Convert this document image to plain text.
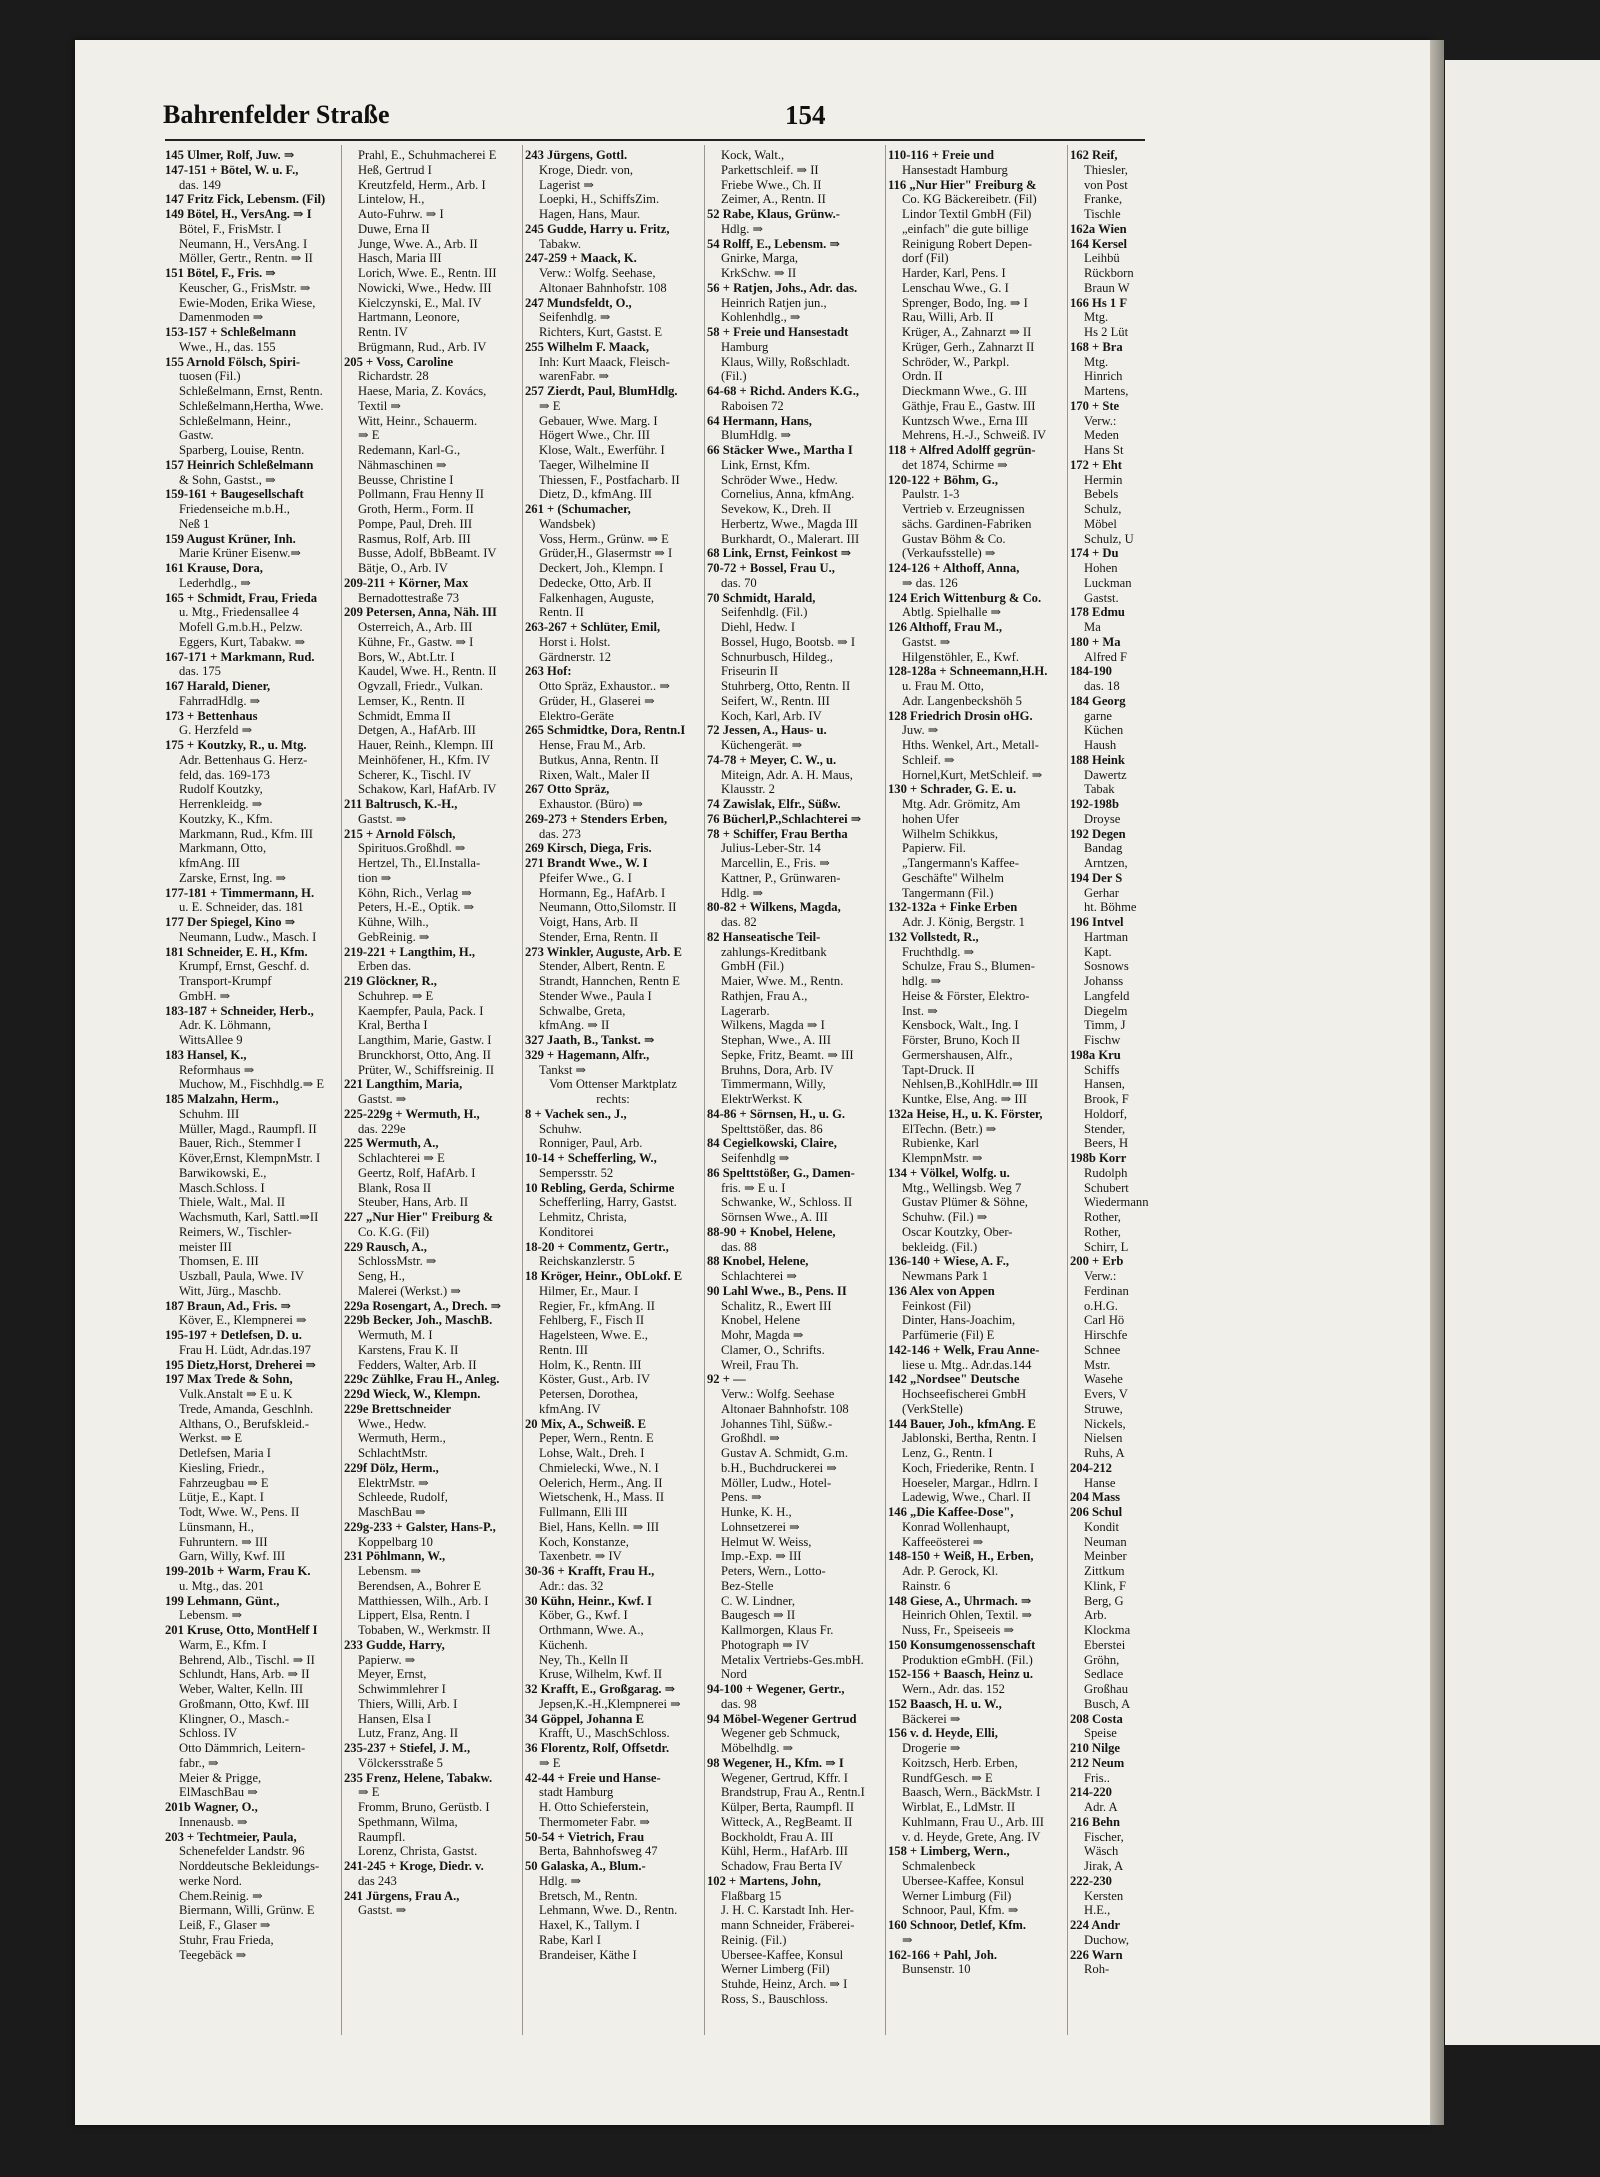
Bahrenfelder Straße	154
145 Ulmer, Rolf, Juw. ⇒
147-151 + Bötel, W. u. F.,
das. 149
147 Fritz Fick, Lebensm. (Fil)
149 Bötel, H., VersAng. ⇒ I
Bötel, F., FrisMstr. I
Neumann, H., VersAng. I
Möller, Gertr., Rentn. ⇒ II
151 Bötel, F., Fris. ⇒
Keuscher, G., FrisMstr. ⇒
Ewie-Moden, Erika Wiese,
Damenmoden ⇒
153-157 + Schleßelmann
Wwe., H., das. 155
155 Arnold Fölsch, Spiri-
tuosen (Fil.)
Schleßelmann, Ernst, Rentn.
Schleßelmann,Hertha, Wwe.
Schleßelmann, Heinr.,
Gastw.
Sparberg, Louise, Rentn.
157 Heinrich Schleßelmann
& Sohn, Gastst., ⇒
159-161 + Baugesellschaft
Friedenseiche m.b.H.,
Neß 1
159 August Krüner, Inh.
Marie Krüner Eisenw.⇒
161 Krause, Dora,
Lederhdlg., ⇒
165 + Schmidt, Frau, Frieda
u. Mtg., Friedensallee 4
Mofell G.m.b.H., Pelzw.
Eggers, Kurt, Tabakw. ⇒
167-171 + Markmann, Rud.
das. 175
167 Harald, Diener,
FahrradHdlg. ⇒
173 + Bettenhaus
G. Herzfeld ⇒
175 + Koutzky, R., u. Mtg.
Adr. Bettenhaus G. Herz-
feld, das. 169-173
Rudolf Koutzky,
Herrenkleidg. ⇒
Koutzky, K., Kfm.
Markmann, Rud., Kfm. III
Markmann, Otto,
kfmAng. III
Zarske, Ernst, Ing. ⇒
177-181 + Timmermann, H.
u. E. Schneider, das. 181
177 Der Spiegel, Kino ⇒
Neumann, Ludw., Masch. I
181 Schneider, E. H., Kfm.
Krumpf, Ernst, Geschf. d.
Transport-Krumpf
GmbH. ⇒
183-187 + Schneider, Herb.,
Adr. K. Löhmann,
WittsAllee 9
183 Hansel, K.,
Reformhaus ⇒
Muchow, M., Fischhdlg.⇒ E
185 Malzahn, Herm.,
Schuhm. III
Müller, Magd., Raumpfl. II
Bauer, Rich., Stemmer I
Köver,Ernst, KlempnMstr. I
Barwikowski, E.,
Masch.Schloss. I
Thiele, Walt., Mal. II
Wachsmuth, Karl, Sattl.⇒II
Reimers, W., Tischler-
meister III
Thomsen, E. III
Uszball, Paula, Wwe. IV
Witt, Jürg., Maschb.
187 Braun, Ad., Fris. ⇒
Köver, E., Klempnerei ⇒
195-197 + Detlefsen, D. u.
Frau H. Lüdt, Adr.das.197
195 Dietz,Horst, Dreherei ⇒
197 Max Trede & Sohn,
Vulk.Anstalt ⇒ E u. K
Trede, Amanda, Geschlnh.
Althans, O., Berufskleid.-
Werkst. ⇒ E
Detlefsen, Maria I
Kiesling, Friedr.,
Fahrzeugbau ⇒ E
Lütje, E., Kapt. I
Todt, Wwe. W., Pens. II
Lünsmann, H.,
Fuhruntern. ⇒ III
Garn, Willy, Kwf. III
199-201b + Warm, Frau K.
u. Mtg., das. 201
199 Lehmann, Günt.,
Lebensm. ⇒
201 Kruse, Otto, MontHelf I
Warm, E., Kfm. I
Behrend, Alb., Tischl. ⇒ II
Schlundt, Hans, Arb. ⇒ II
Weber, Walter, Kelln. III
Großmann, Otto, Kwf. III
Klingner, O., Masch.-
Schloss. IV
Otto Dämmrich, Leitern-
fabr., ⇒
Meier & Prigge,
ElMaschBau ⇒
201b Wagner, O.,
Innenausb. ⇒
203 + Techtmeier, Paula,
Schenefelder Landstr. 96
Norddeutsche Bekleidungs-
werke Nord.
Chem.Reinig. ⇒
Biermann, Willi, Grünw. E
Leiß, F., Glaser ⇒
Stuhr, Frau Frieda,
Teegebäck ⇒
Prahl, E., Schuhmacherei E
Heß, Gertrud I
Kreutzfeld, Herm., Arb. I
Lintelow, H.,
Auto-Fuhrw. ⇒ I
Duwe, Erna II
Junge, Wwe. A., Arb. II
Hasch, Maria III
Lorich, Wwe. E., Rentn. III
Nowicki, Wwe., Hedw. III
Kielczynski, E., Mal. IV
Hartmann, Leonore,
Rentn. IV
Brügmann, Rud., Arb. IV
205 + Voss, Caroline
Richardstr. 28
Haese, Maria, Z. Kovács,
Textil ⇒
Witt, Heinr., Schauerm.
⇒ E
Redemann, Karl-G.,
Nähmaschinen ⇒
Beusse, Christine I
Pollmann, Frau Henny II
Groth, Herm., Form. II
Pompe, Paul, Dreh. III
Rasmus, Rolf, Arb. III
Busse, Adolf, BbBeamt. IV
Bätje, O., Arb. IV
209-211 + Körner, Max
Bernadottestraße 73
209 Petersen, Anna, Näh. III
Osterreich, A., Arb. III
Kühne, Fr., Gastw. ⇒ I
Bors, W., Abt.Ltr. I
Kaudel, Wwe. H., Rentn. II
Ogvzall, Friedr., Vulkan.
Lemser, K., Rentn. II
Schmidt, Emma II
Detgen, A., HafArb. III
Hauer, Reinh., Klempn. III
Meinhöfener, H., Kfm. IV
Scherer, K., Tischl. IV
Schakow, Karl, HafArb. IV
211 Baltrusch, K.-H.,
Gastst. ⇒
215 + Arnold Fölsch,
Spirituos.Großhdl. ⇒
Hertzel, Th., El.Installa-
tion ⇒
Köhn, Rich., Verlag ⇒
Peters, H.-E., Optik. ⇒
Kühne, Wilh.,
GebReinig. ⇒
219-221 + Langthim, H.,
Erben das.
219 Glöckner, R.,
Schuhrep. ⇒ E
Kaempfer, Paula, Pack. I
Kral, Bertha I
Langthim, Marie, Gastw. I
Brunckhorst, Otto, Ang. II
Prüter, W., Schiffsreinig. II
221 Langthim, Maria,
Gastst. ⇒
225-229g + Wermuth, H.,
das. 229e
225 Wermuth, A.,
Schlachterei ⇒ E
Geertz, Rolf, HafArb. I
Blank, Rosa II
Steuber, Hans, Arb. II
227 „Nur Hier" Freiburg &
Co. K.G. (Fil)
229 Rausch, A.,
SchlossMstr. ⇒
Seng, H.,
Malerei (Werkst.) ⇒
229a Rosengart, A., Drech. ⇒
229b Becker, Joh., MaschB.
Wermuth, M. I
Karstens, Frau K. II
Fedders, Walter, Arb. II
229c Zühlke, Frau H., Anleg.
229d Wieck, W., Klempn.
229e Brettschneider
Wwe., Hedw.
Wermuth, Herm.,
SchlachtMstr.
229f Dölz, Herm.,
ElektrMstr. ⇒
Schleede, Rudolf,
MaschBau ⇒
229g-233 + Galster, Hans-P.,
Koppelbarg 10
231 Pöhlmann, W.,
Lebensm. ⇒
Berendsen, A., Bohrer E
Matthiessen, Wilh., Arb. I
Lippert, Elsa, Rentn. I
Tobaben, W., Werkmstr. II
233 Gudde, Harry,
Papierw. ⇒
Meyer, Ernst,
Schwimmlehrer I
Thiers, Willi, Arb. I
Hansen, Elsa I
Lutz, Franz, Ang. II
235-237 + Stiefel, J. M.,
Völckersstraße 5
235 Frenz, Helene, Tabakw.
⇒ E
Fromm, Bruno, Gerüstb. I
Spethmann, Wilma,
Raumpfl.
Lorenz, Christa, Gastst.
241-245 + Kroge, Diedr. v.
das 243
241 Jürgens, Frau A.,
Gastst. ⇒
243 Jürgens, Gottl.
Kroge, Diedr. von,
Lagerist ⇒
Loepki, H., SchiffsZim.
Hagen, Hans, Maur.
245 Gudde, Harry u. Fritz,
Tabakw.
247-259 + Maack, K.
Verw.: Wolfg. Seehase,
Altonaer Bahnhofstr. 108
247 Mundsfeldt, O.,
Seifenhdlg. ⇒
Richters, Kurt, Gastst. E
255 Wilhelm F. Maack,
Inh: Kurt Maack, Fleisch-
warenFabr. ⇒
257 Zierdt, Paul, BlumHdlg.
⇒ E
Gebauer, Wwe. Marg. I
Högert Wwe., Chr. III
Klose, Walt., Ewerführ. I
Taeger, Wilhelmine II
Thiessen, F., Postfacharb. II
Dietz, D., kfmAng. III
261 + (Schumacher,
Wandsbek)
Voss, Herm., Grünw. ⇒ E
Grüder,H., Glasermstr ⇒ I
Deckert, Joh., Klempn. I
Dedecke, Otto, Arb. II
Falkenhagen, Auguste,
Rentn. II
263-267 + Schlüter, Emil,
Horst i. Holst.
Gärdnerstr. 12
263 Hof:
Otto Spräz, Exhaustor.. ⇒
Grüder, H., Glaserei ⇒
Elektro-Geräte
265 Schmidtke, Dora, Rentn.I
Hense, Frau M., Arb.
Butkus, Anna, Rentn. II
Rixen, Walt., Maler II
267 Otto Spräz,
Exhaustor. (Büro) ⇒
269-273 + Stenders Erben,
das. 273
269 Kirsch, Diega, Fris.
271 Brandt Wwe., W. I
Pfeifer Wwe., G. I
Hormann, Eg., HafArb. I
Neumann, Otto,Silomstr. II
Voigt, Hans, Arb. II
Stender, Erna, Rentn. II
273 Winkler, Auguste, Arb. E
Stender, Albert, Rentn. E
Strandt, Hannchen, Rentn E
Stender Wwe., Paula I
Schwalbe, Greta,
kfmAng. ⇒ II
327 Jaath, B., Tankst. ⇒
329 + Hagemann, Alfr.,
Tankst ⇒
Vom Ottenser Marktplatz
rechts:
8 + Vachek sen., J.,
Schuhw.
Ronniger, Paul, Arb.
10-14 + Schefferling, W.,
Sempersstr. 52
10 Rebling, Gerda, Schirme
Schefferling, Harry, Gastst.
Lehmitz, Christa,
Konditorei
18-20 + Commentz, Gertr.,
Reichskanzlerstr. 5
18 Kröger, Heinr., ObLokf. E
Hilmer, Er., Maur. I
Regier, Fr., kfmAng. II
Fehlberg, F., Fisch II
Hagelsteen, Wwe. E.,
Rentn. III
Holm, K., Rentn. III
Köster, Gust., Arb. IV
Petersen, Dorothea,
kfmAng. IV
20 Mix, A., Schweiß. E
Peper, Wern., Rentn. E
Lohse, Walt., Dreh. I
Chmielecki, Wwe., N. I
Oelerich, Herm., Ang. II
Wietschenk, H., Mass. II
Fullmann, Elli III
Biel, Hans, Kelln. ⇒ III
Koch, Konstanze,
Taxenbetr. ⇒ IV
30-36 + Krafft, Frau H.,
Adr.: das. 32
30 Kühn, Heinr., Kwf. I
Köber, G., Kwf. I
Orthmann, Wwe. A.,
Küchenh.
Ney, Th., Kelln II
Kruse, Wilhelm, Kwf. II
32 Krafft, E., Großgarag. ⇒
Jepsen,K.-H.,Klempnerei ⇒
34 Göppel, Johanna E
Krafft, U., MaschSchloss.
36 Florentz, Rolf, Offsetdr.
⇒ E
42-44 + Freie und Hanse-
stadt Hamburg
H. Otto Schieferstein,
Thermometer Fabr. ⇒
50-54 + Vietrich, Frau
Berta, Bahnhofsweg 47
50 Galaska, A., Blum.-
Hdlg. ⇒
Bretsch, M., Rentn.
Lehmann, Wwe. D., Rentn.
Haxel, K., Tallym. I
Rabe, Karl I
Brandeiser, Käthe I
Kock, Walt.,
Parkettschleif. ⇒ II
Friebe Wwe., Ch. II
Zeimer, A., Rentn. II
52 Rabe, Klaus, Grünw.-
Hdlg. ⇒
54 Rolff, E., Lebensm. ⇒
Gnirke, Marga,
KrkSchw. ⇒ II
56 + Ratjen, Johs., Adr. das.
Heinrich Ratjen jun.,
Kohlenhdlg., ⇒
58 + Freie und Hansestadt
Hamburg
Klaus, Willy, Roßschladt.
(Fil.)
64-68 + Richd. Anders K.G.,
Raboisen 72
64 Hermann, Hans,
BlumHdlg. ⇒
66 Stäcker Wwe., Martha I
Link, Ernst, Kfm.
Schröder Wwe., Hedw.
Cornelius, Anna, kfmAng.
Sevekow, K., Dreh. II
Herbertz, Wwe., Magda III
Burkhardt, O., Malerart. III
68 Link, Ernst, Feinkost ⇒
70-72 + Bossel, Frau U.,
das. 70
70 Schmidt, Harald,
Seifenhdlg. (Fil.)
Diehl, Hedw. I
Bossel, Hugo, Bootsb. ⇒ I
Schnurbusch, Hildeg.,
Friseurin II
Stuhrberg, Otto, Rentn. II
Seifert, W., Rentn. III
Koch, Karl, Arb. IV
72 Jessen, A., Haus- u.
Küchengerät. ⇒
74-78 + Meyer, C. W., u.
Miteign, Adr. A. H. Maus,
Klausstr. 2
74 Zawislak, Elfr., Süßw.
76 Bücherl,P.,Schlachterei ⇒
78 + Schiffer, Frau Bertha
Julius-Leber-Str. 14
Marcellin, E., Fris. ⇒
Kattner, P., Grünwaren-
Hdlg. ⇒
80-82 + Wilkens, Magda,
das. 82
82 Hanseatische Teil-
zahlungs-Kreditbank
GmbH (Fil.)
Maier, Wwe. M., Rentn.
Rathjen, Frau A.,
Lagerarb.
Wilkens, Magda ⇒ I
Stephan, Wwe., A. III
Sepke, Fritz, Beamt. ⇒ III
Bruhns, Dora, Arb. IV
Timmermann, Willy,
ElektrWerkst. K
84-86 + Sörnsen, H., u. G.
Spelttstößer, das. 86
84 Cegielkowski, Claire,
Seifenhdlg ⇒
86 Spelttstößer, G., Damen-
fris. ⇒ E u. I
Schwanke, W., Schloss. II
Sörnsen Wwe., A. III
88-90 + Knobel, Helene,
das. 88
88 Knobel, Helene,
Schlachterei ⇒
90 Lahl Wwe., B., Pens. II
Schalitz, R., Ewert III
Knobel, Helene
Mohr, Magda ⇒
Clamer, O., Schrifts.
Wreil, Frau Th.
92 + —
Verw.: Wolfg. Seehase
Altonaer Bahnhofstr. 108
Johannes Tihl, Süßw.-
Großhdl. ⇒
Gustav A. Schmidt, G.m.
b.H., Buchdruckerei ⇒
Möller, Ludw., Hotel-
Pens. ⇒
Hunke, K. H.,
Lohnsetzerei ⇒
Helmut W. Weiss,
Imp.-Exp. ⇒ III
Peters, Wern., Lotto-
Bez-Stelle
C. W. Lindner,
Baugesch ⇒ II
Kallmorgen, Klaus Fr.
Photograph ⇒ IV
Metalix Vertriebs-Ges.mbH.
Nord
94-100 + Wegener, Gertr.,
das. 98
94 Möbel-Wegener Gertrud
Wegener geb Schmuck,
Möbelhdlg. ⇒
98 Wegener, H., Kfm. ⇒ I
Wegener, Gertrud, Kffr. I
Brandstrup, Frau A., Rentn.I
Külper, Berta, Raumpfl. II
Witteck, A., RegBeamt. II
Bockholdt, Frau A. III
Kühl, Herm., HafArb. III
Schadow, Frau Berta IV
102 + Martens, John,
Flaßbarg 15
J. H. C. Karstadt Inh. Her-
mann Schneider, Fräberei-
Reinig. (Fil.)
Ubersee-Kaffee, Konsul
Werner Limberg (Fil)
Stuhde, Heinz, Arch. ⇒ I
Ross, S., Bauschloss.
110-116 + Freie und
Hansestadt Hamburg
116 „Nur Hier" Freiburg &
Co. KG Bäckereibetr. (Fil)
Lindor Textil GmbH (Fil)
„einfach" die gute billige
Reinigung Robert Depen-
dorf (Fil)
Harder, Karl, Pens. I
Lenschau Wwe., G. I
Sprenger, Bodo, Ing. ⇒ I
Rau, Willi, Arb. II
Krüger, A., Zahnarzt ⇒ II
Krüger, Gerh., Zahnarzt II
Schröder, W., Parkpl.
Ordn. II
Dieckmann Wwe., G. III
Gäthje, Frau E., Gastw. III
Kuntzsch Wwe., Erna III
Mehrens, H.-J., Schweiß. IV
118 + Alfred Adolff gegrün-
det 1874, Schirme ⇒
120-122 + Böhm, G.,
Paulstr. 1-3
Vertrieb v. Erzeugnissen
sächs. Gardinen-Fabriken
Gustav Böhm & Co.
(Verkaufsstelle) ⇒
124-126 + Althoff, Anna,
⇒ das. 126
124 Erich Wittenburg & Co.
Abtlg. Spielhalle ⇒
126 Althoff, Frau M.,
Gastst. ⇒
Hilgenstöhler, E., Kwf.
128-128a + Schneemann,H.H.
u. Frau M. Otto,
Adr. Langenbeckshöh 5
128 Friedrich Drosin oHG.
Juw. ⇒
Hths. Wenkel, Art., Metall-
Schleif. ⇒
Hornel,Kurt, MetSchleif. ⇒
130 + Schrader, G. E. u.
Mtg. Adr. Grömitz, Am
hohen Ufer
Wilhelm Schikkus,
Papierw. Fil.
„Tangermann's Kaffee-
Geschäfte" Wilhelm
Tangermann (Fil.)
132-132a + Finke Erben
Adr. J. König, Bergstr. 1
132 Vollstedt, R.,
Fruchthdlg. ⇒
Schulze, Frau S., Blumen-
hdlg. ⇒
Heise & Förster, Elektro-
Inst. ⇒
Kensbock, Walt., Ing. I
Förster, Bruno, Koch II
Germershausen, Alfr.,
Tapt-Druck. II
Nehlsen,B.,KohlHdlr.⇒ III
Kuntke, Else, Ang. ⇒ III
132a Heise, H., u. K. Förster,
ElTechn. (Betr.) ⇒
Rubienke, Karl
KlempnMstr. ⇒
134 + Völkel, Wolfg. u.
Mtg., Wellingsb. Weg 7
Gustav Plümer & Söhne,
Schuhw. (Fil.) ⇒
Oscar Koutzky, Ober-
bekleidg. (Fil.)
136-140 + Wiese, A. F.,
Newmans Park 1
136 Alex von Appen
Feinkost (Fil)
Dinter, Hans-Joachim,
Parfümerie (Fil) E
142-146 + Welk, Frau Anne-
liese u. Mtg.. Adr.das.144
142 „Nordsee" Deutsche
Hochseefischerei GmbH
(VerkStelle)
144 Bauer, Joh., kfmAng. E
Jablonski, Bertha, Rentn. I
Lenz, G., Rentn. I
Koch, Friederike, Rentn. I
Hoeseler, Margar., Hdlrn. I
Ladewig, Wwe., Charl. II
146 „Die Kaffee-Dose",
Konrad Wollenhaupt,
Kaffeeösterei ⇒
148-150 + Weiß, H., Erben,
Adr. P. Gerock, Kl.
Rainstr. 6
148 Giese, A., Uhrmach. ⇒
Heinrich Ohlen, Textil. ⇒
Nuss, Fr., Speiseeis ⇒
150 Konsumgenossenschaft
Produktion eGmbH. (Fil.)
152-156 + Baasch, Heinz u.
Wern., Adr. das. 152
152 Baasch, H. u. W.,
Bäckerei ⇒
156 v. d. Heyde, Elli,
Drogerie ⇒
Koitzsch, Herb. Erben,
RundfGesch. ⇒ E
Baasch, Wern., BäckMstr. I
Wirblat, E., LdMstr. II
Kuhlmann, Frau U., Arb. III
v. d. Heyde, Grete, Ang. IV
158 + Limberg, Wern.,
Schmalenbeck
Ubersee-Kaffee, Konsul
Werner Limburg (Fil)
Schnoor, Paul, Kfm. ⇒
160 Schnoor, Detlef, Kfm.
⇒
162-166 + Pahl, Joh.
Bunsenstr. 10
162 Reif,
Thiesler,
von Post
Franke,
Tischle
162a Wien
164 Kersel
Leihbü
Rückborn
Braun W
166 Hs 1 F
Mtg.
Hs 2 Lüt
168 + Bra
Mtg.
Hinrich
Martens,
170 + Ste
Verw.:
Meden
Hans St
172 + Eht
Hermin
Bebels
Schulz,
Möbel
Schulz, U
174 + Du
Hohen
Luckman
Gastst.
178 Edmu
Ma
180 + Ma
Alfred F
184-190
das. 18
184 Georg
garne
Küchen
Haush
188 Heink
Dawertz
Tabak
192-198b
Droyse
192 Degen
Bandag
Arntzen,
194 Der S
Gerhar
ht. Böhme
196 Intvel
Hartman
Kapt.
Sosnows
Johanss
Langfeld
Diegelm
Timm, J
Fischw
198a Kru
Schiffs
Hansen,
Brook, F
Holdorf,
Stender,
Beers, H
198b Korr
Rudolph
Schubert
Wiedermann
Rother,
Rother,
Schirr, L
200 + Erb
Verw.:
Ferdinan
o.H.G.
Carl Hö
Hirschfe
Schnee
Mstr.
Wasehe
Evers, V
Struwe,
Nickels,
Nielsen
Ruhs, A
204-212
Hanse
204 Mass
206 Schul
Kondit
Neuman
Meinber
Zittkum
Klink, F
Berg, G
Arb.
Klockma
Eberstei
Gröhn,
Sedlace
Großhau
Busch, A
208 Costa
Speise
210 Nilge
212 Neum
Fris..
214-220
Adr. A
216 Behn
Fischer,
Wäsch
Jirak, A
222-230
Kersten
H.E.,
224 Andr
Duchow,
226 Warn
Roh-
